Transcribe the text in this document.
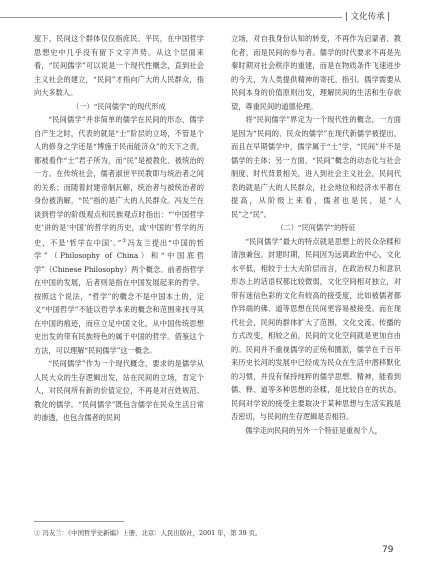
| 文化传承 |

度下，民间这个群体仅仅指庶民、平民，在中国哲学思想史中几乎没有留下文字声势。从这个层面来看，“民间儒学”可以说是一个现代性概念，直到社会主义社会的建立，“民间”才指向广大的人民群众，指向大多数人。

（一）“民间儒学”的现代形成

“民间儒学”并非简单的儒学在民间的形态，儒学自产生之时，代表的就是“士”阶层的立场，不管是个人的修身之学还是“博施于民而能济众”的天下之责，都被看作“士”君子所为，而“民”是被教化、被统治的一方。在传统社会，儒者淑世平民教即与统治者之间的关系；而随着封建帝制瓦解，统治者与被统治者的身份被消解，“民”指的是广大的人民群众。冯友兰在谈到哲学的阶级观点和民族观点时指出：“‘中国哲学史’讲的是‘中国’的哲学的历史，或‘中国的’哲学的历史，不是‘哲学在中国’。”①冯友兰提出“中国的哲学”（Philosophy of China）和“中国底哲学”（Chinese Philosophy）两个概念。前者指哲学在中国的发展，后者则是指在中国发展起来的哲学。按照这个说法，“哲学”的概念不是中国本土的，定义“中国哲学”不能以哲学本来的概念和范围来找寻其在中国的痕迹，而应立足中国文化，从中国传统思想史出发的带有民族特色的属于中国的哲学。借鉴这个方法，可以理解“民间儒学”这一概念。

“民间儒学”作为一个现代概念，要求的是儒学从人民大众的生存逻辑出发，站在民间的立场，肯定个人，对民间所有新的价值定位，不再是对百姓规范、教化的儒学。“民间儒学”既包含儒学在民众生活日常的渗透，也包含儒者的民间

立场，对自我身份认知的转变，不再作为启蒙者、教化者，而是民间的参与者。儒学的时代要求不再是先秦时期对社会秩序的重建，而是在物质条件飞速进步的今天，为人类提供精神的寄托、指引。儒学需要从民间本身的价值原则出发，理解民间的生活和生存欲望，尊重民间的道德伦理。

将“民间儒学”界定为一个现代性的概念，一方面是因为“民间的、民众的儒学”在现代新儒学被提出，而且在早期儒学中，儒学属于“士”学，“民间”并不是儒学的主体；另一方面，“民间”概念的动态化与社会制度、时代背景相关，进入到社会主义社会，民间代表的就是广大的人民群众，社会地位和经济水平都在提高，从阶级上来看，儒者也是民，是“人民”之“民”。

（二）“民间儒学”的特征

“民间儒学”最大的特点就是思想上的民众杂糅和清浊兼包。封建时期，民间因为远离政治中心，文化水平低，相较于士大夫阶层而言，在政治权力和意识形态上的话语权都比较微弱，文化空间相对独立，对带有迷信色彩的文化有较高的接受度，比如被儒者都作异端的佛、道等思想在民间更容易被接受。而在现代社会，民间的群体扩大了范围，文化交流、传播的方式改变，相较之前，民间的文化空间就是更加自由的。民间并不重视儒学的正统和圈派，儒学在千百年来历史长河的发展中已经成为民众在生活中潜移默化的习惯，并没有保持纯粹的儒学思想、精神，能看到儒、释、道等多种思想的杂糅，是比较自在的状态。民间对学说的接受主要取决于某种思想与生活实践是否密切，与民间的生存逻辑是否相符。

儒学走向民间的另外一个特征是重视个人，

① 冯友兰：《中国哲学史新编》上册，北京：人民出版社，2001 年，第 39 页。
79
